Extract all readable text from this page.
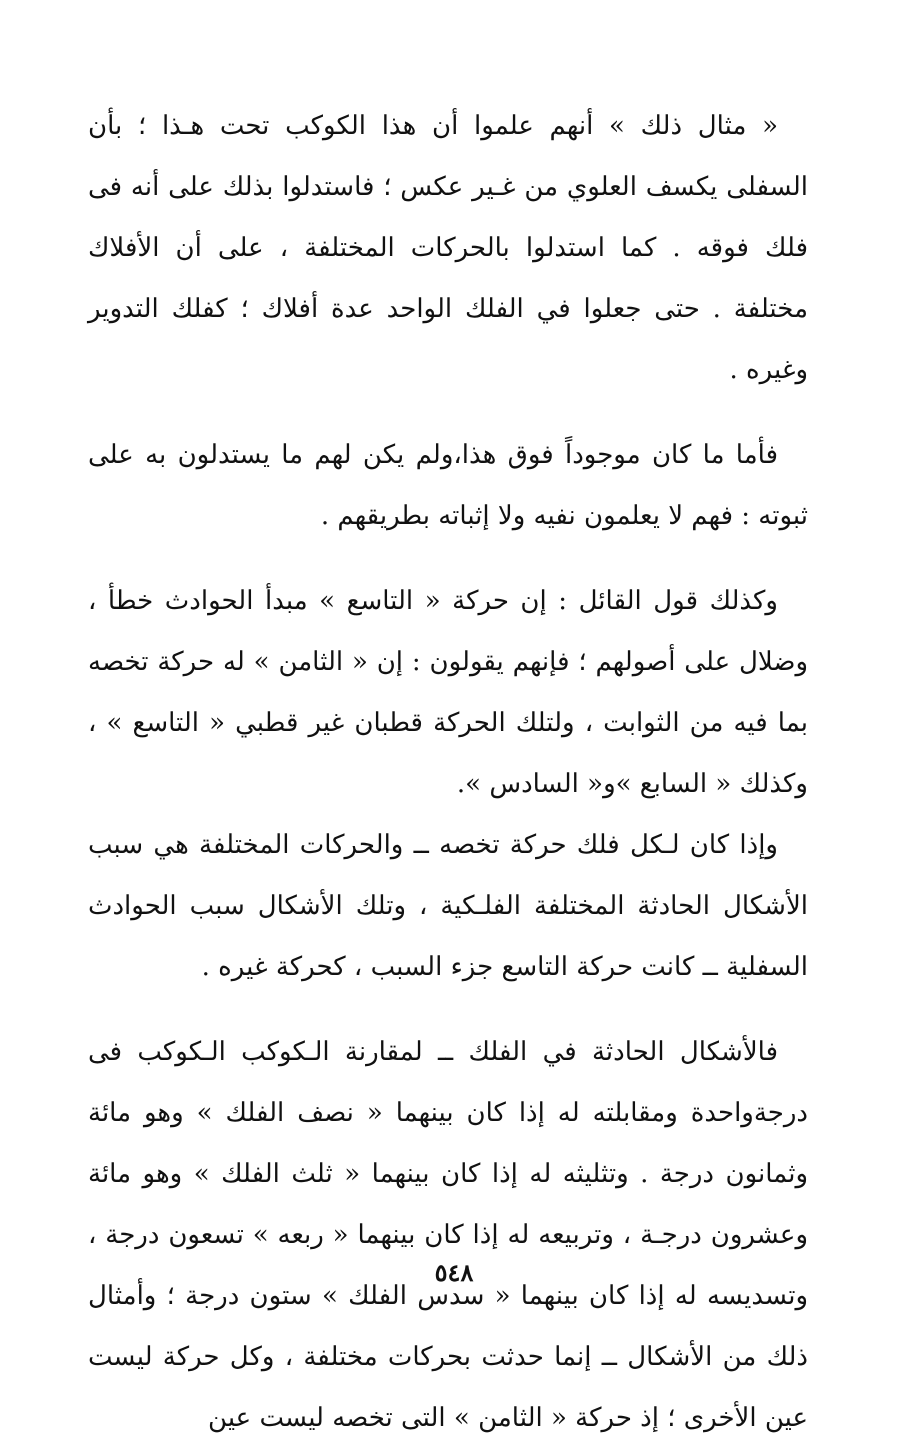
« مثال ذلك » أنهم علموا أن هذا الكوكب تحت هـذا ؛ بأن السفلى يكسف العلوي من غـير عكس ؛ فاستدلوا بذلك على أنه فى فلك فوقه . كما استدلوا بالحركات المختلفة ، على أن الأفلاك مختلفة . حتى جعلوا في الفلك الواحد عدة أفلاك ؛ كفلك التدوير وغيره .

فأما ما كان موجوداً فوق هذا،ولم يكن لهم ما يستدلون به على ثبوته : فهم لا يعلمون نفيه ولا إثباته بطريقهم .

وكذلك قول القائل : إن حركة « التاسع » مبدأ الحوادث خطأ ، وضلال على أصولهم ؛ فإنهم يقولون : إن « الثامن » له حركة تخصه بما فيه من الثوابت ، ولتلك الحركة قطبان غير قطبي « التاسع » ، وكذلك « السابع »و« السادس ».

وإذا كان لـكل فلك حركة تخصه ــ والحركات المختلفة هي سبب الأشكال الحادثة المختلفة الفلـكية ، وتلك الأشكال سبب الحوادث السفلية ــ كانت حركة التاسع جزء السبب ، كحركة غيره .

فالأشكال الحادثة في الفلك ــ لمقارنة الـكوكب الـكوكب فى درجةواحدة ومقابلته له إذا كان بينهما « نصف الفلك » وهو مائة وثمانون درجة . وتثليثه له إذا كان بينهما « ثلث الفلك » وهو مائة وعشرون درجـة ، وتربيعه له إذا كان بينهما « ربعه » تسعون درجة ، وتسديسه له إذا كان بينهما « سدس الفلك » ستون درجة ؛ وأمثال ذلك من الأشكال ــ إنما حدثت بحركات مختلفة ، وكل حركة ليست عين الأخرى ؛ إذ حركة « الثامن » التى تخصه ليست عين

٥٤٨
